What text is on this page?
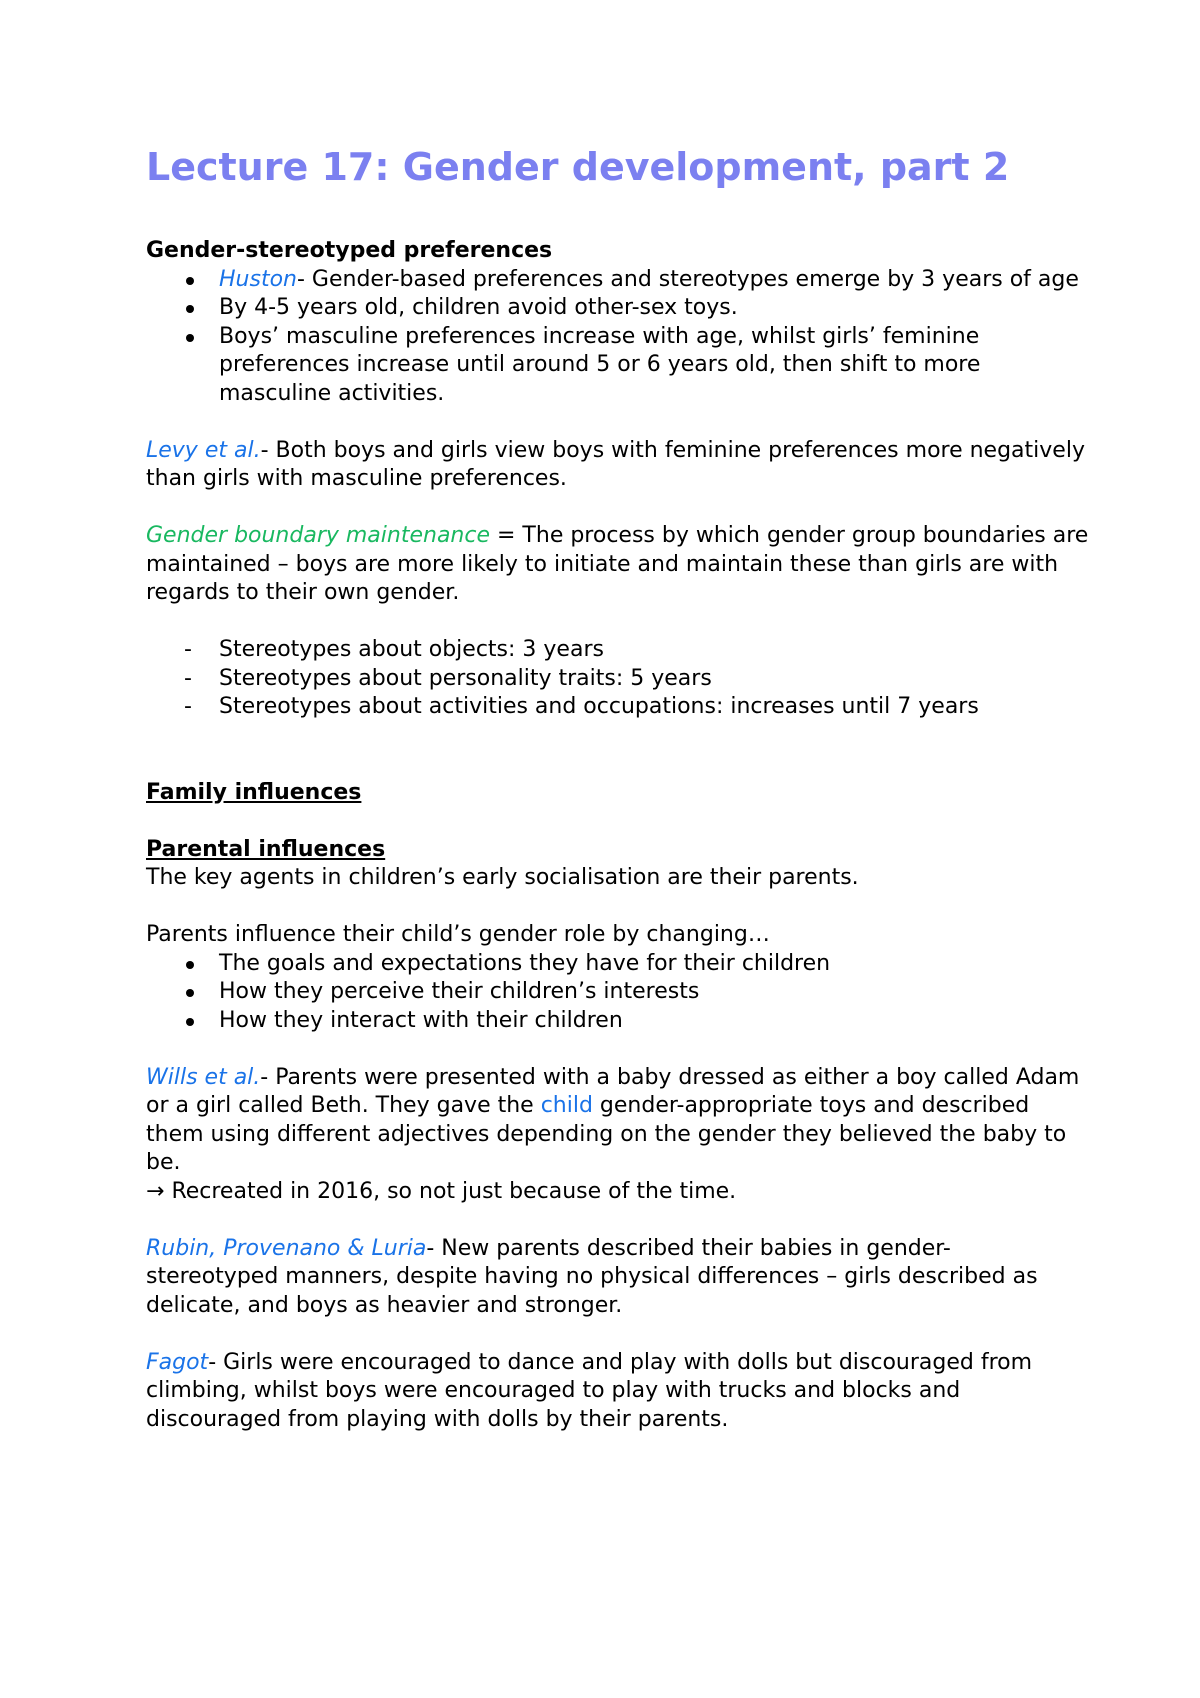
Lecture 17: Gender development, part 2

Gender-stereotyped preferences

Huston- Gender-based preferences and stereotypes emerge by 3 years of age
By 4-5 years old, children avoid other-sex toys.
Boys’ masculine preferences increase with age, whilst girls’ feminine preferences increase until around 5 or 6 years old, then shift to more masculine activities.

Levy et al.- Both boys and girls view boys with feminine preferences more negatively than girls with masculine preferences.

Gender boundary maintenance = The process by which gender group boundaries are maintained – boys are more likely to initiate and maintain these than girls are with regards to their own gender.

- Stereotypes about objects: 3 years
- Stereotypes about personality traits: 5 years
- Stereotypes about activities and occupations: increases until 7 years

Family influences

Parental influences

The key agents in children’s early socialisation are their parents.

Parents influence their child’s gender role by changing…

The goals and expectations they have for their children
How they perceive their children’s interests
How they interact with their children

Wills et al.- Parents were presented with a baby dressed as either a boy called Adam or a girl called Beth. They gave the child gender-appropriate toys and described them using different adjectives depending on the gender they believed the baby to be.

→ Recreated in 2016, so not just because of the time.

Rubin, Provenano & Luria- New parents described their babies in gender-stereotyped manners, despite having no physical differences – girls described as delicate, and boys as heavier and stronger.

Fagot- Girls were encouraged to dance and play with dolls but discouraged from climbing, whilst boys were encouraged to play with trucks and blocks and discouraged from playing with dolls by their parents.
